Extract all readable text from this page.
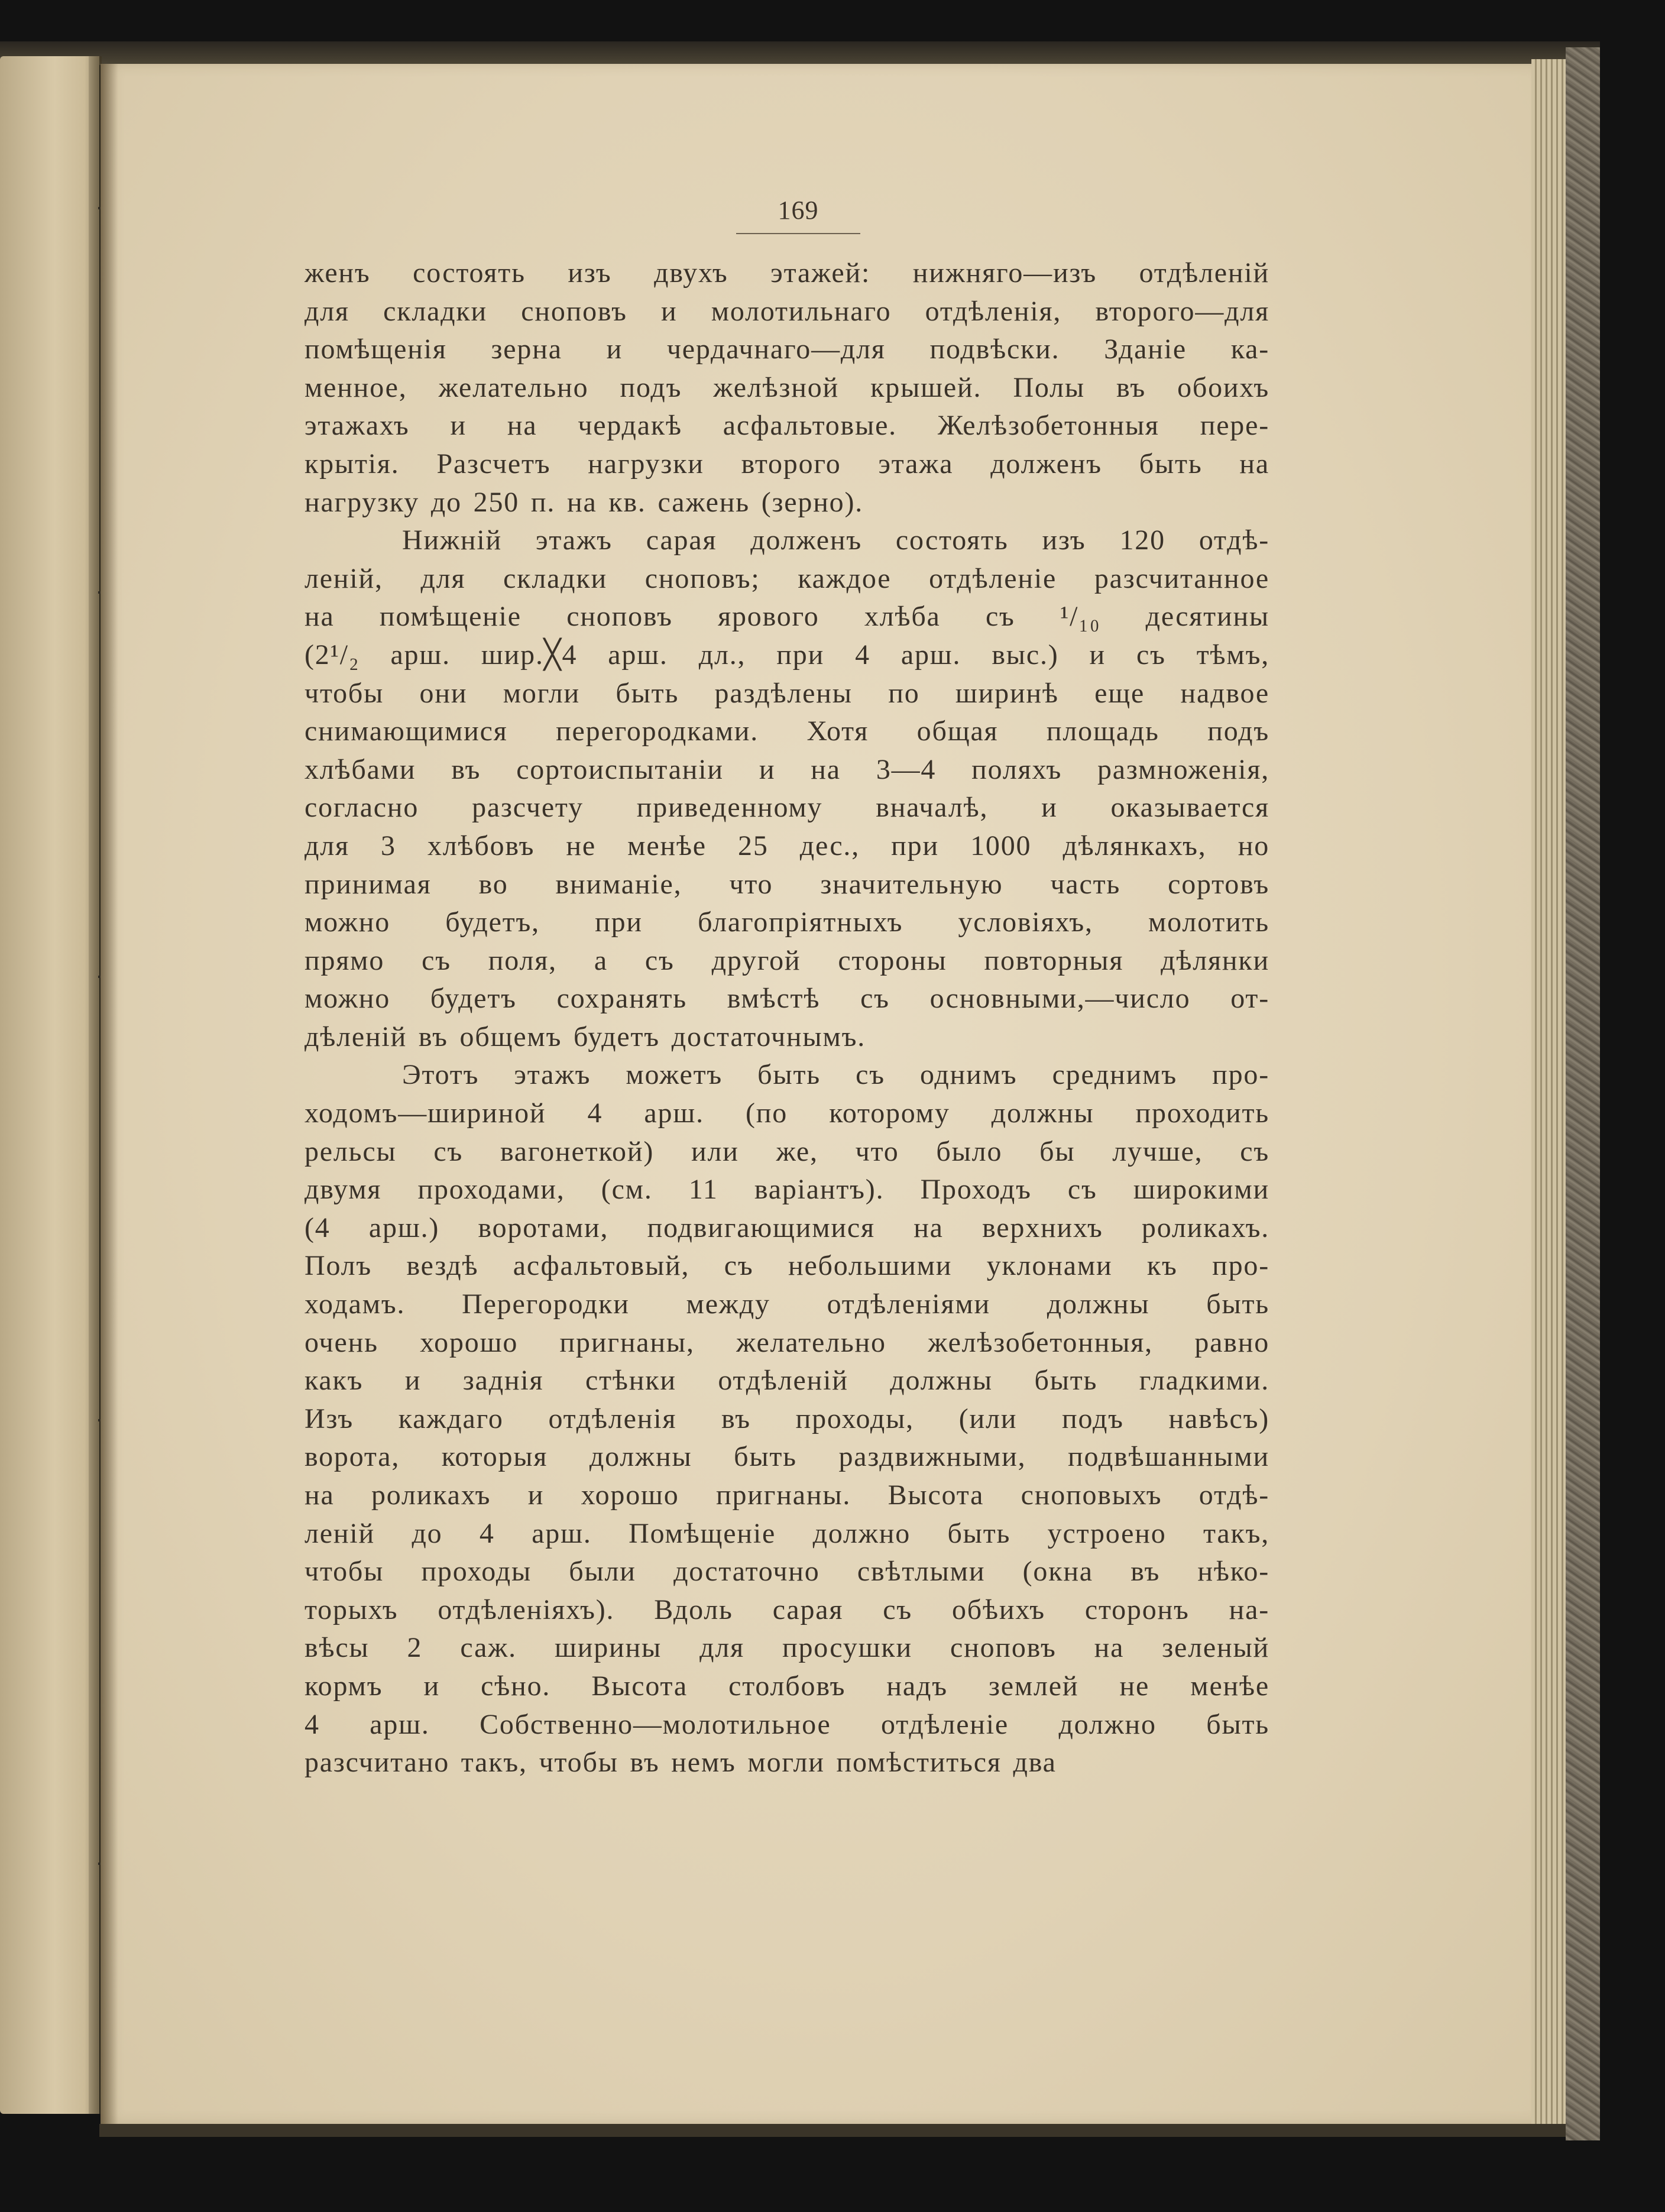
169
женъ состоять изъ двухъ этажей: нижняго—изъ отдѣленiй
для складки сноповъ и молотильнаго отдѣленiя, второго—для
помѣщенiя зерна и чердачнаго—для подвѣски. Зданiе ка-
менное, желательно подъ желѣзной крышей. Полы въ обоихъ
этажахъ и на чердакѣ асфальтовые. Желѣзобетонныя пере-
крытiя. Разсчетъ нагрузки второго этажа долженъ быть на
нагрузку до 250 п. на кв. сажень (зерно).
Нижнiй этажъ сарая долженъ состоять изъ 120 отдѣ-
ленiй, для складки сноповъ; каждое отдѣленiе разсчитанное
на помѣщенiе сноповъ ярового хлѣба съ ¹/₁₀ десятины
(2¹/₂ арш. шир.╳4 арш. дл., при 4 арш. выс.) и съ тѣмъ,
чтобы они могли быть раздѣлены по ширинѣ еще надвое
снимающимися перегородками. Хотя общая площадь подъ
хлѣбами въ сортоиспытанiи и на 3—4 поляхъ размноженiя,
согласно разсчету приведенному вначалѣ, и оказывается
для 3 хлѣбовъ не менѣе 25 дес., при 1000 дѣлянкахъ, но
принимая во вниманiе, что значительную часть сортовъ
можно будетъ, при благопрiятныхъ условiяхъ, молотить
прямо съ поля, а съ другой стороны повторныя дѣлянки
можно будетъ сохранять вмѣстѣ съ основными,—число от-
дѣленiй въ общемъ будетъ достаточнымъ.
Этотъ этажъ можетъ быть съ однимъ среднимъ про-
ходомъ—шириной 4 арш. (по которому должны проходить
рельсы съ вагонеткой) или же, что было бы лучше, съ
двумя проходами, (см. 11 варiантъ). Проходъ съ широкими
(4 арш.) воротами, подвигающимися на верхнихъ роликахъ.
Полъ вездѣ асфальтовый, съ небольшими уклонами къ про-
ходамъ. Перегородки между отдѣленiями должны быть
очень хорошо пригнаны, желательно желѣзобетонныя, равно
какъ и заднiя стѣнки отдѣленiй должны быть гладкими.
Изъ каждаго отдѣленiя въ проходы, (или подъ навѣсъ)
ворота, которыя должны быть раздвижными, подвѣшанными
на роликахъ и хорошо пригнаны. Высота сноповыхъ отдѣ-
ленiй до 4 арш. Помѣщенiе должно быть устроено такъ,
чтобы проходы были достаточно свѣтлыми (окна въ нѣко-
торыхъ отдѣленiяхъ). Вдоль сарая съ обѣихъ сторонъ на-
вѣсы 2 саж. ширины для просушки сноповъ на зеленый
кормъ и сѣно. Высота столбовъ надъ землей не менѣе
4 арш. Собственно—молотильное отдѣленiе должно быть
разсчитано такъ, чтобы въ немъ могли помѣститься два
